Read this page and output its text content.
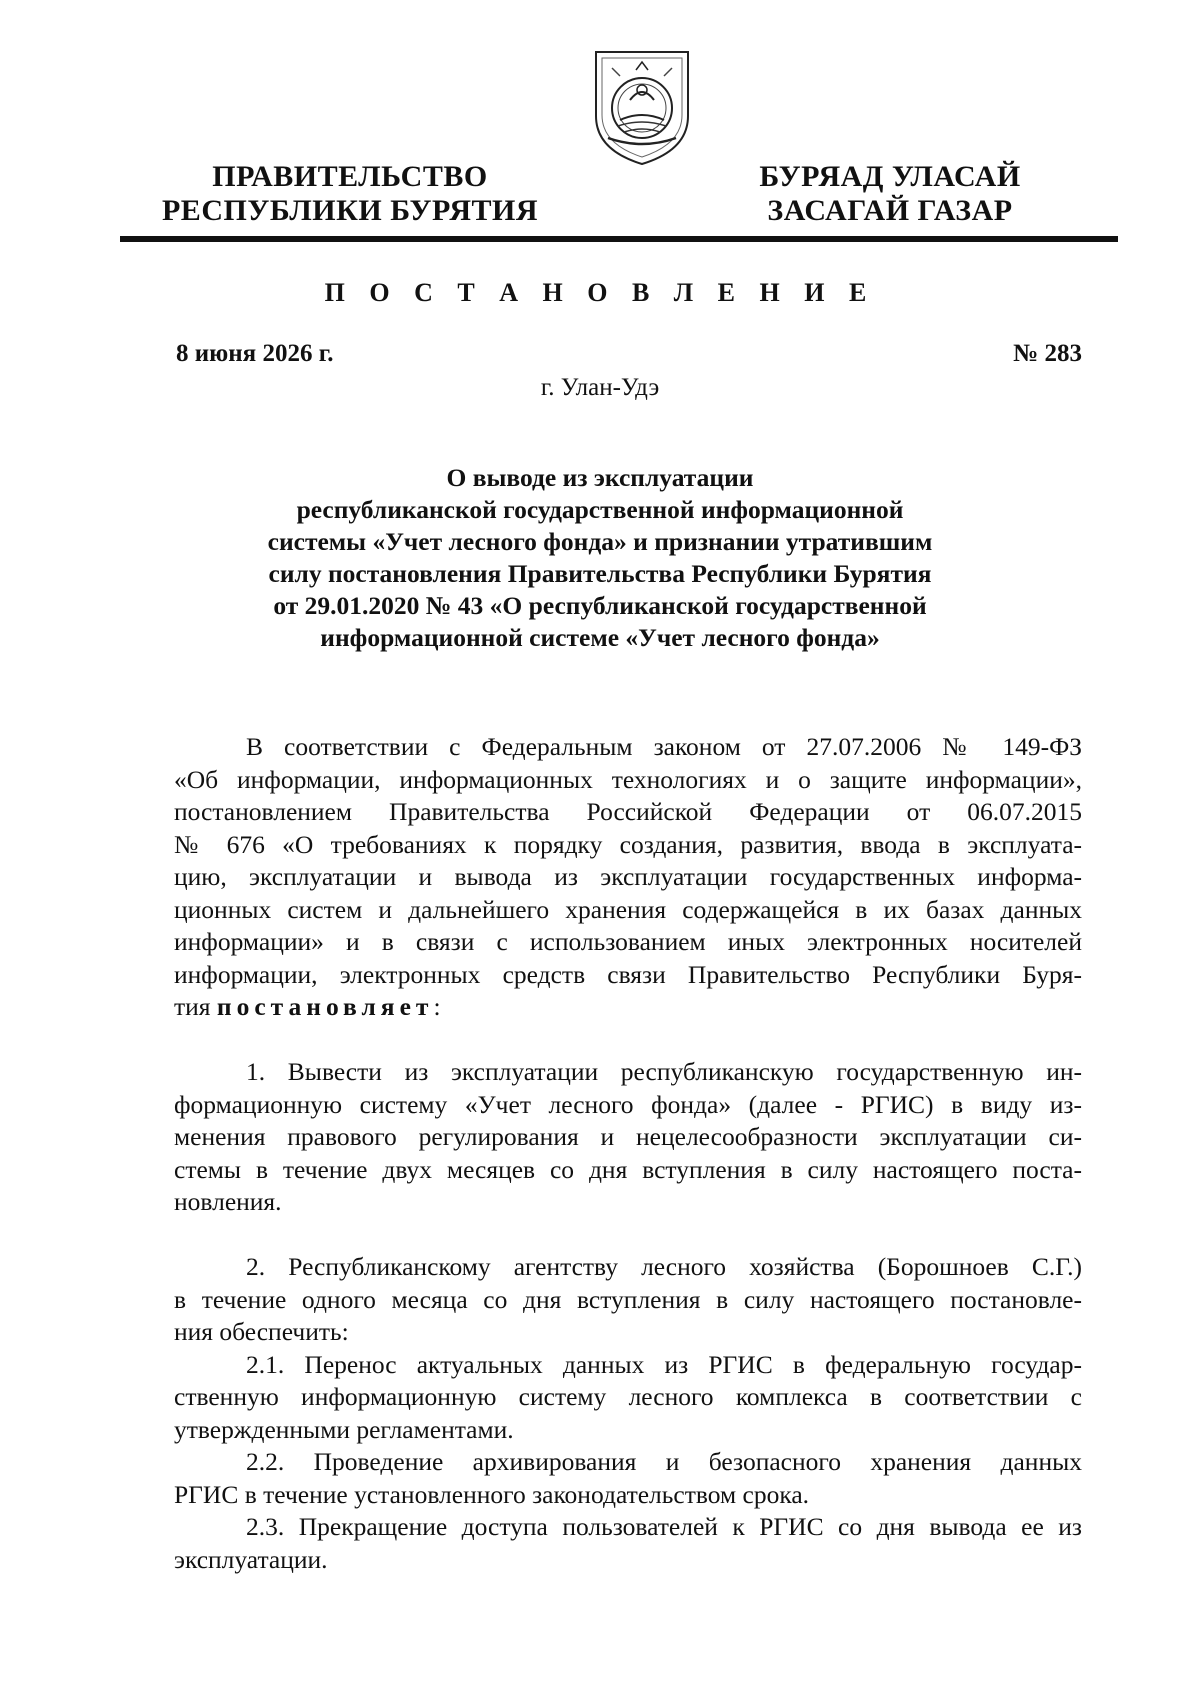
ПРАВИТЕЛЬСТВО
РЕСПУБЛИКИ БУРЯТИЯ
БУРЯАД УЛАСАЙ
ЗАСАГАЙ ГАЗАР
П О С Т А Н О В Л Е Н И Е
8 июня 2026 г.	№ 283
г. Улан-Удэ
О выводе из эксплуатации
республиканской государственной информационной
системы «Учет лесного фонда» и признании утратившим
силу постановления Правительства Республики Бурятия
от 29.01.2020 № 43 «О республиканской государственной
информационной системе «Учет лесного фонда»
В соответствии с Федеральным законом от 27.07.2006 № 149-ФЗ
«Об информации, информационных технологиях и о защите информации»,
постановлением Правительства Российской Федерации от 06.07.2015
№ 676 «О требованиях к порядку создания, развития, ввода в эксплуата-
цию, эксплуатации и вывода из эксплуатации государственных информа-
ционных систем и дальнейшего хранения содержащейся в их базах данных
информации» и в связи с использованием иных электронных носителей
информации, электронных средств связи Правительство Республики Буря-
тия постановляет:
1. Вывести из эксплуатации республиканскую государственную ин-
формационную систему «Учет лесного фонда» (далее - РГИС) в виду из-
менения правового регулирования и нецелесообразности эксплуатации си-
стемы в течение двух месяцев со дня вступления в силу настоящего поста-
новления.
2. Республиканскому агентству лесного хозяйства (Борошноев С.Г.)
в течение одного месяца со дня вступления в силу настоящего постановле-
ния обеспечить:
2.1. Перенос актуальных данных из РГИС в федеральную государ-
ственную информационную систему лесного комплекса в соответствии с
утвержденными регламентами.
2.2. Проведение архивирования и безопасного хранения данных
РГИС в течение установленного законодательством срока.
2.3. Прекращение доступа пользователей к РГИС со дня вывода ее из
эксплуатации.
